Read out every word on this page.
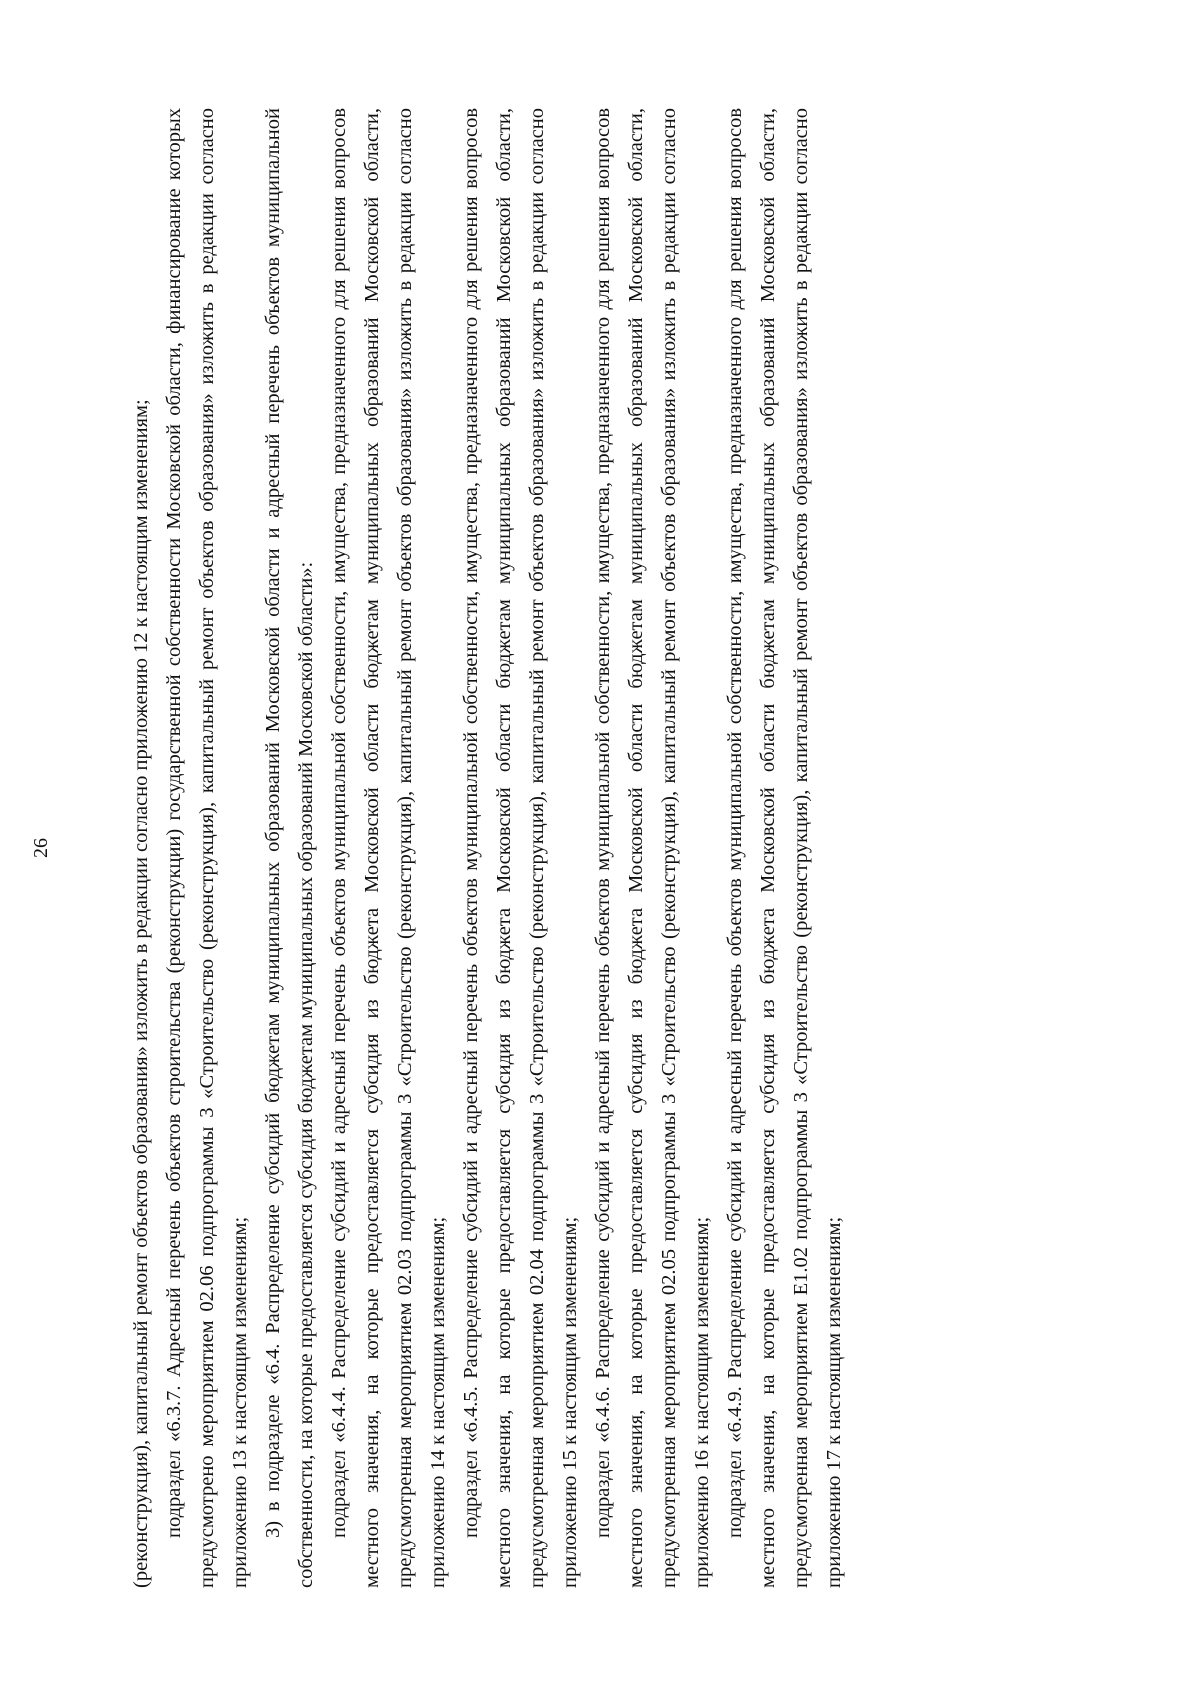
26	(реконструкция), капитальный ремонт объектов образования» изложить в редакции согласно приложению 12 к настоящим изменениям; подраздел «6.3.7. Адресный перечень объектов строительства (реконструкции) государственной собственности Московской области, финансирование которых предусмотрено мероприятием 02.06 подпрограммы 3 «Строительство (реконструкция), капитальный ремонт объектов образования» изложить в редакции согласно приложению 13 к настоящим изменениям; 3) в подразделе «6.4. Распределение субсидий бюджетам муниципальных образований Московской области и адресный перечень объектов муниципальной собственности, на которые предоставляется субсидия бюджетам муниципальных образований Московской области»: подраздел «6.4.4. Распределение субсидий и адресный перечень объектов муниципальной собственности, имущества, предназначенного для решения вопросов местного значения, на которые предоставляется субсидия из бюджета Московской области бюджетам муниципальных образований Московской области, предусмотренная мероприятием 02.03 подпрограммы 3 «Строительство (реконструкция), капитальный ремонт объектов образования» изложить в редакции согласно приложению 14 к настоящим изменениям; подраздел «6.4.5. Распределение субсидий и адресный перечень объектов муниципальной собственности, имущества, предназначенного для решения вопросов местного значения, на которые предоставляется субсидия из бюджета Московской области бюджетам муниципальных образований Московской области, предусмотренная мероприятием 02.04 подпрограммы 3 «Строительство (реконструкция), капитальный ремонт объектов образования» изложить в редакции согласно приложению 15 к настоящим изменениям; подраздел «6.4.6. Распределение субсидий и адресный перечень объектов муниципальной собственности, имущества, предназначенного для решения вопросов местного значения, на которые предоставляется субсидия из бюджета Московской области бюджетам муниципальных образований Московской области, предусмотренная мероприятием 02.05 подпрограммы 3 «Строительство (реконструкция), капитальный ремонт объектов образования» изложить в редакции согласно приложению 16 к настоящим изменениям; подраздел «6.4.9. Распределение субсидий и адресный перечень объектов муниципальной собственности, имущества, предназначенного для решения вопросов местного значения, на которые предоставляется субсидия из бюджета Московской области бюджетам муниципальных образований Московской области, предусмотренная мероприятием Е1.02 подпрограммы 3 «Строительство (реконструкция), капитальный ремонт объектов образования» изложить в редакции согласно приложению 17 к настоящим изменениям;
